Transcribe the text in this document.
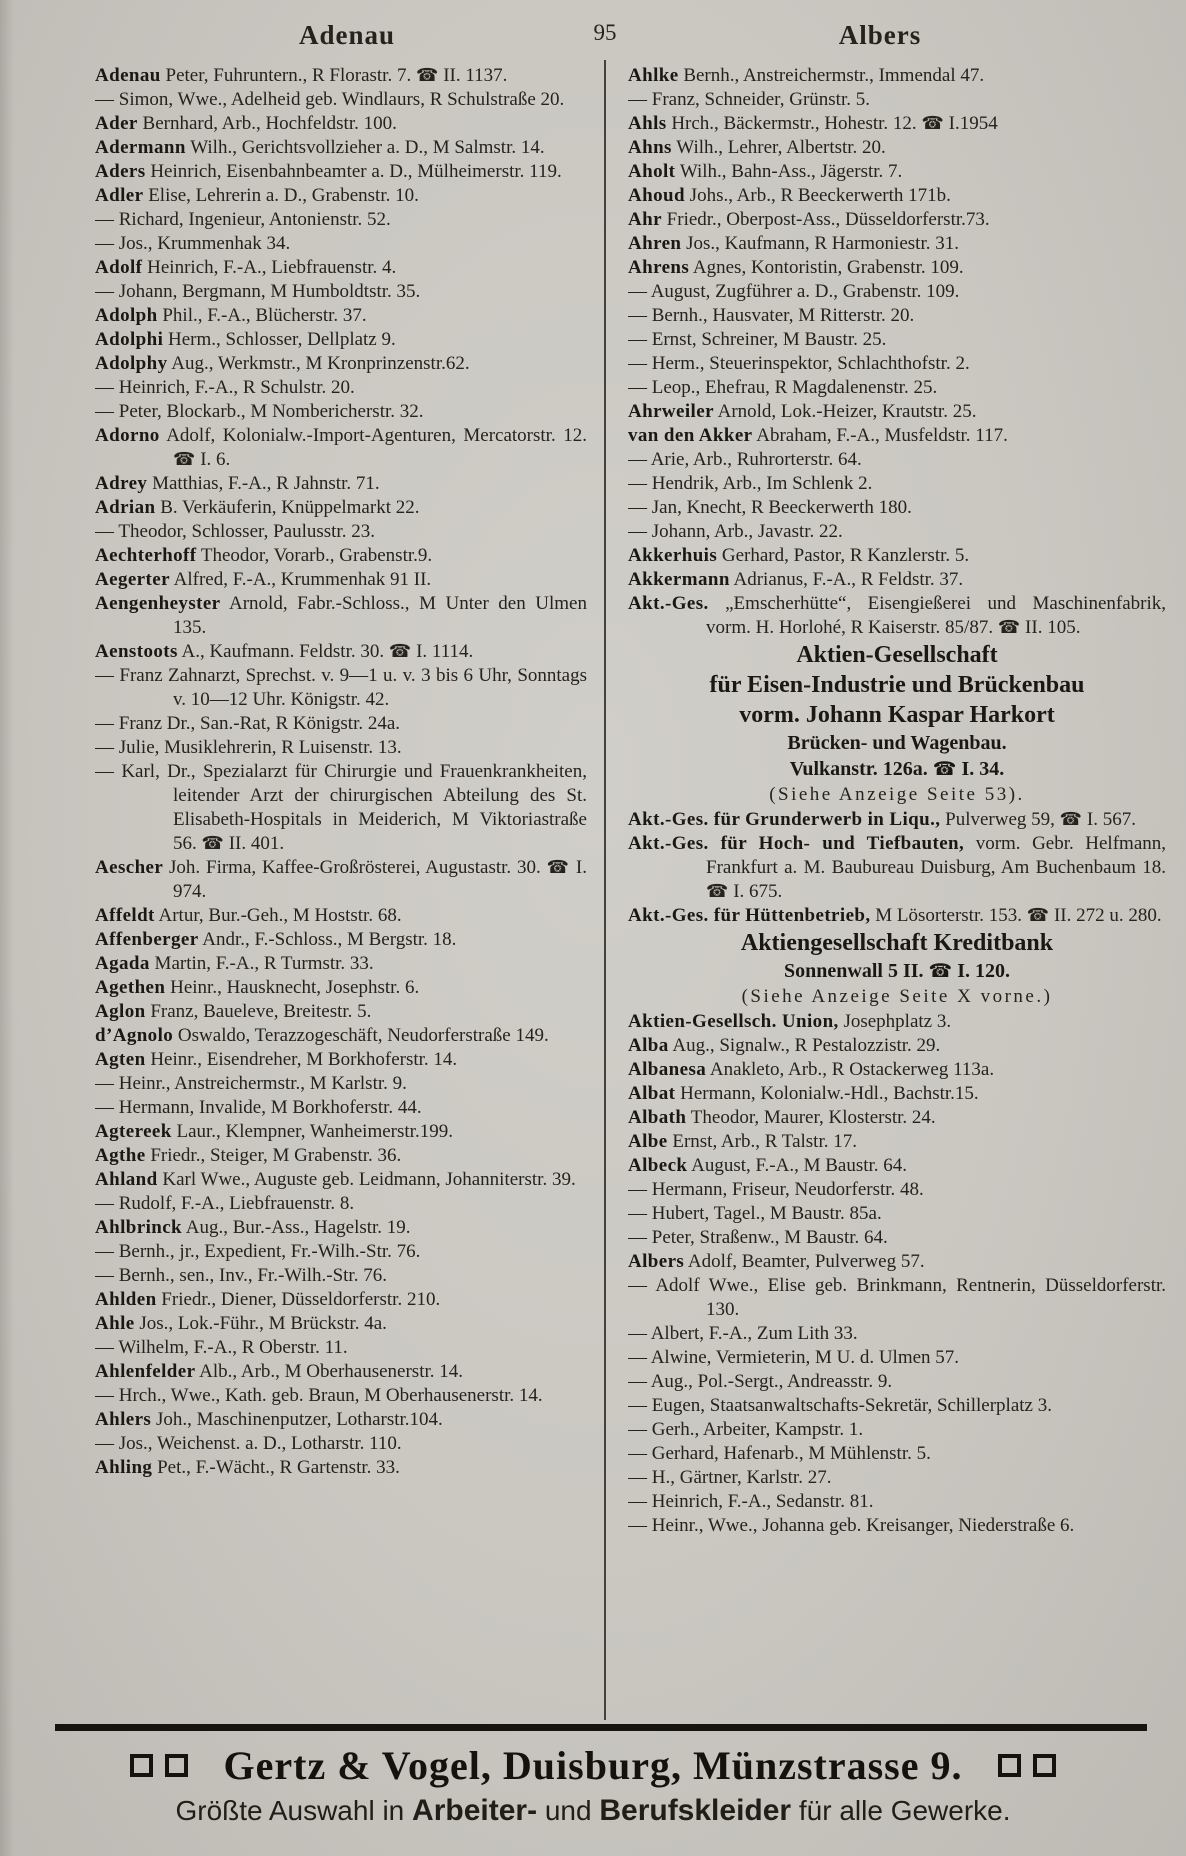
Adenau	95	Albers

Adenau Peter, Fuhruntern., R Florastr. 7. ☎ II. 1137.

— Simon, Wwe., Adelheid geb. Windlaurs, R Schulstraße 20.

Ader Bernhard, Arb., Hochfeldstr. 100.

Adermann Wilh., Gerichtsvollzieher a. D., M Salmstr. 14.

Aders Heinrich, Eisenbahnbeamter a. D., Mülheimerstr. 119.

Adler Elise, Lehrerin a. D., Grabenstr. 10.

— Richard, Ingenieur, Antonienstr. 52.

— Jos., Krummenhak 34.

Adolf Heinrich, F.-A., Liebfrauenstr. 4.

— Johann, Bergmann, M Humboldtstr. 35.

Adolph Phil., F.-A., Blücherstr. 37.

Adolphi Herm., Schlosser, Dellplatz 9.

Adolphy Aug., Werkmstr., M Kronprinzenstr.62.

— Heinrich, F.-A., R Schulstr. 20.

— Peter, Blockarb., M Nombericherstr. 32.

Adorno Adolf, Kolonialw.-Import-Agenturen, Mercatorstr. 12. ☎ I. 6.

Adrey Matthias, F.-A., R Jahnstr. 71.

Adrian B. Verkäuferin, Knüppelmarkt 22.

— Theodor, Schlosser, Paulusstr. 23.

Aechterhoff Theodor, Vorarb., Grabenstr.9.

Aegerter Alfred, F.-A., Krummenhak 91 II.

Aengenheyster Arnold, Fabr.-Schloss., M Unter den Ulmen 135.

Aenstoots A., Kaufmann. Feldstr. 30. ☎ I. 1114.

— Franz Zahnarzt, Sprechst. v. 9—1 u. v. 3 bis 6 Uhr, Sonntags v. 10—12 Uhr. Königstr. 42.

— Franz Dr., San.-Rat, R Königstr. 24a.

— Julie, Musiklehrerin, R Luisenstr. 13.

— Karl, Dr., Spezialarzt für Chirurgie und Frauenkrankheiten, leitender Arzt der chirurgischen Abteilung des St. Elisabeth-Hospitals in Meiderich, M Viktoriastraße 56. ☎ II. 401.

Aescher Joh. Firma, Kaffee-Großrösterei, Augustastr. 30. ☎ I. 974.

Affeldt Artur, Bur.-Geh., M Hoststr. 68.

Affenberger Andr., F.-Schloss., M Bergstr. 18.

Agada Martin, F.-A., R Turmstr. 33.

Agethen Heinr., Hausknecht, Josephstr. 6.

Aglon Franz, Baueleve, Breitestr. 5.

d’Agnolo Oswaldo, Terazzogeschäft, Neudorferstraße 149.

Agten Heinr., Eisendreher, M Borkhoferstr. 14.

— Heinr., Anstreichermstr., M Karlstr. 9.

— Hermann, Invalide, M Borkhoferstr. 44.

Agtereek Laur., Klempner, Wanheimerstr.199.

Agthe Friedr., Steiger, M Grabenstr. 36.

Ahland Karl Wwe., Auguste geb. Leidmann, Johanniterstr. 39.

— Rudolf, F.-A., Liebfrauenstr. 8.

Ahlbrinck Aug., Bur.-Ass., Hagelstr. 19.

— Bernh., jr., Expedient, Fr.-Wilh.-Str. 76.

— Bernh., sen., Inv., Fr.-Wilh.-Str. 76.

Ahlden Friedr., Diener, Düsseldorferstr. 210.

Ahle Jos., Lok.-Führ., M Brückstr. 4a.

— Wilhelm, F.-A., R Oberstr. 11.

Ahlenfelder Alb., Arb., M Oberhausenerstr. 14.

— Hrch., Wwe., Kath. geb. Braun, M Oberhausenerstr. 14.

Ahlers Joh., Maschinenputzer, Lotharstr.104.

— Jos., Weichenst. a. D., Lotharstr. 110.

Ahling Pet., F.-Wächt., R Gartenstr. 33.

Ahlke Bernh., Anstreichermstr., Immendal 47.

— Franz, Schneider, Grünstr. 5.

Ahls Hrch., Bäckermstr., Hohestr. 12. ☎ I.1954

Ahns Wilh., Lehrer, Albertstr. 20.

Aholt Wilh., Bahn-Ass., Jägerstr. 7.

Ahoud Johs., Arb., R Beeckerwerth 171b.

Ahr Friedr., Oberpost-Ass., Düsseldorferstr.73.

Ahren Jos., Kaufmann, R Harmoniestr. 31.

Ahrens Agnes, Kontoristin, Grabenstr. 109.

— August, Zugführer a. D., Grabenstr. 109.

— Bernh., Hausvater, M Ritterstr. 20.

— Ernst, Schreiner, M Baustr. 25.

— Herm., Steuerinspektor, Schlachthofstr. 2.

— Leop., Ehefrau, R Magdalenenstr. 25.

Ahrweiler Arnold, Lok.-Heizer, Krautstr. 25.

van den Akker Abraham, F.-A., Musfeldstr. 117.

— Arie, Arb., Ruhrorterstr. 64.

— Hendrik, Arb., Im Schlenk 2.

— Jan, Knecht, R Beeckerwerth 180.

— Johann, Arb., Javastr. 22.

Akkerhuis Gerhard, Pastor, R Kanzlerstr. 5.

Akkermann Adrianus, F.-A., R Feldstr. 37.

Akt.-Ges. „Emscherhütte“, Eisengießerei und Maschinenfabrik, vorm. H. Horlohé, R Kaiserstr. 85/87. ☎ II. 105.

Aktien-Gesellschaft

für Eisen-Industrie und Brückenbau

vorm. Johann Kaspar Harkort

Brücken- und Wagenbau.

Vulkanstr. 126a. ☎ I. 34.

(Siehe Anzeige Seite 53).

Akt.-Ges. für Grunderwerb in Liqu., Pulverweg 59, ☎ I. 567.

Akt.-Ges. für Hoch- und Tiefbauten, vorm. Gebr. Helfmann, Frankfurt a. M. Baubureau Duisburg, Am Buchenbaum 18. ☎ I. 675.

Akt.-Ges. für Hüttenbetrieb, M Lösorterstr. 153. ☎ II. 272 u. 280.

Aktiengesellschaft Kreditbank

Sonnenwall 5 II. ☎ I. 120.

(Siehe Anzeige Seite X vorne.)

Aktien-Gesellsch. Union, Josephplatz 3.

Alba Aug., Signalw., R Pestalozzistr. 29.

Albanesa Anakleto, Arb., R Ostackerweg 113a.

Albat Hermann, Kolonialw.-Hdl., Bachstr.15.

Albath Theodor, Maurer, Klosterstr. 24.

Albe Ernst, Arb., R Talstr. 17.

Albeck August, F.-A., M Baustr. 64.

— Hermann, Friseur, Neudorferstr. 48.

— Hubert, Tagel., M Baustr. 85a.

— Peter, Straßenw., M Baustr. 64.

Albers Adolf, Beamter, Pulverweg 57.

— Adolf Wwe., Elise geb. Brinkmann, Rentnerin, Düsseldorferstr. 130.

— Albert, F.-A., Zum Lith 33.

— Alwine, Vermieterin, M U. d. Ulmen 57.

— Aug., Pol.-Sergt., Andreasstr. 9.

— Eugen, Staatsanwaltschafts-Sekretär, Schillerplatz 3.

— Gerh., Arbeiter, Kampstr. 1.

— Gerhard, Hafenarb., M Mühlenstr. 5.

— H., Gärtner, Karlstr. 27.

— Heinrich, F.-A., Sedanstr. 81.

— Heinr., Wwe., Johanna geb. Kreisanger, Niederstraße 6.

Gertz & Vogel, Duisburg, Münzstrasse 9.
Größte Auswahl in Arbeiter- und Berufskleider für alle Gewerke.
